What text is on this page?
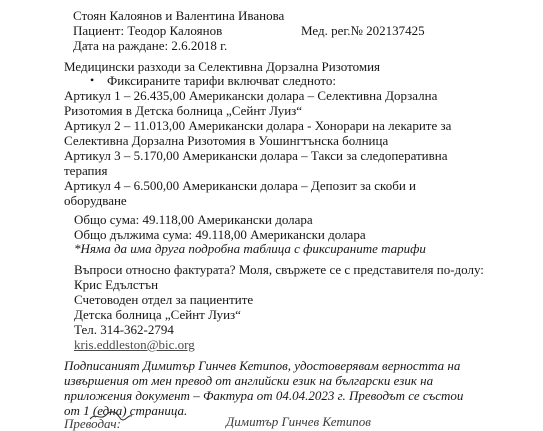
Стоян Калоянов и Валентина Иванова
Пациент: Теодор Калоянов	Мед. рег.№ 202137425
Дата на раждане: 2.6.2018 г.
Медицински разходи за Селективна Дорзална Ризотомия
• Фиксираните тарифи включват следното:
Артикул 1 – 26.435,00 Американски долара – Селективна Дорзална
Ризотомия в Детска болница „Сейнт Луиз“
Артикул 2 – 11.013,00 Американски долара - Хонорари на лекарите за
Селективна Дорзална Ризотомия в Уошингтънска болница
Артикул 3 – 5.170,00 Американски долара – Такси за следоперативна
терапия
Артикул 4 – 6.500,00 Американски долара – Депозит за скоби и
оборудване
Общо сума: 49.118,00 Американски долара
Общо дължима сума: 49.118,00 Американски долара
*Няма да има друга подробна таблица с фиксираните тарифи
Въпроси относно фактурата? Моля, свържете се с представителя по-долу:
Крис Едълстън
Счетоводен отдел за пациентите
Детска болница „Сейнт Луиз“
Тел. 314-362-2794
kris.eddleston@bic.org
Подписаният Димитър Гинчев Кетипов, удостоверявам верността на
извършения от мен превод от английски език на български език на
приложения документ – Фактура от 04.04.2023 г. Преводът се състои
от 1 (една) страница.
Преводач:	Димитър Гинчев Кетипов
